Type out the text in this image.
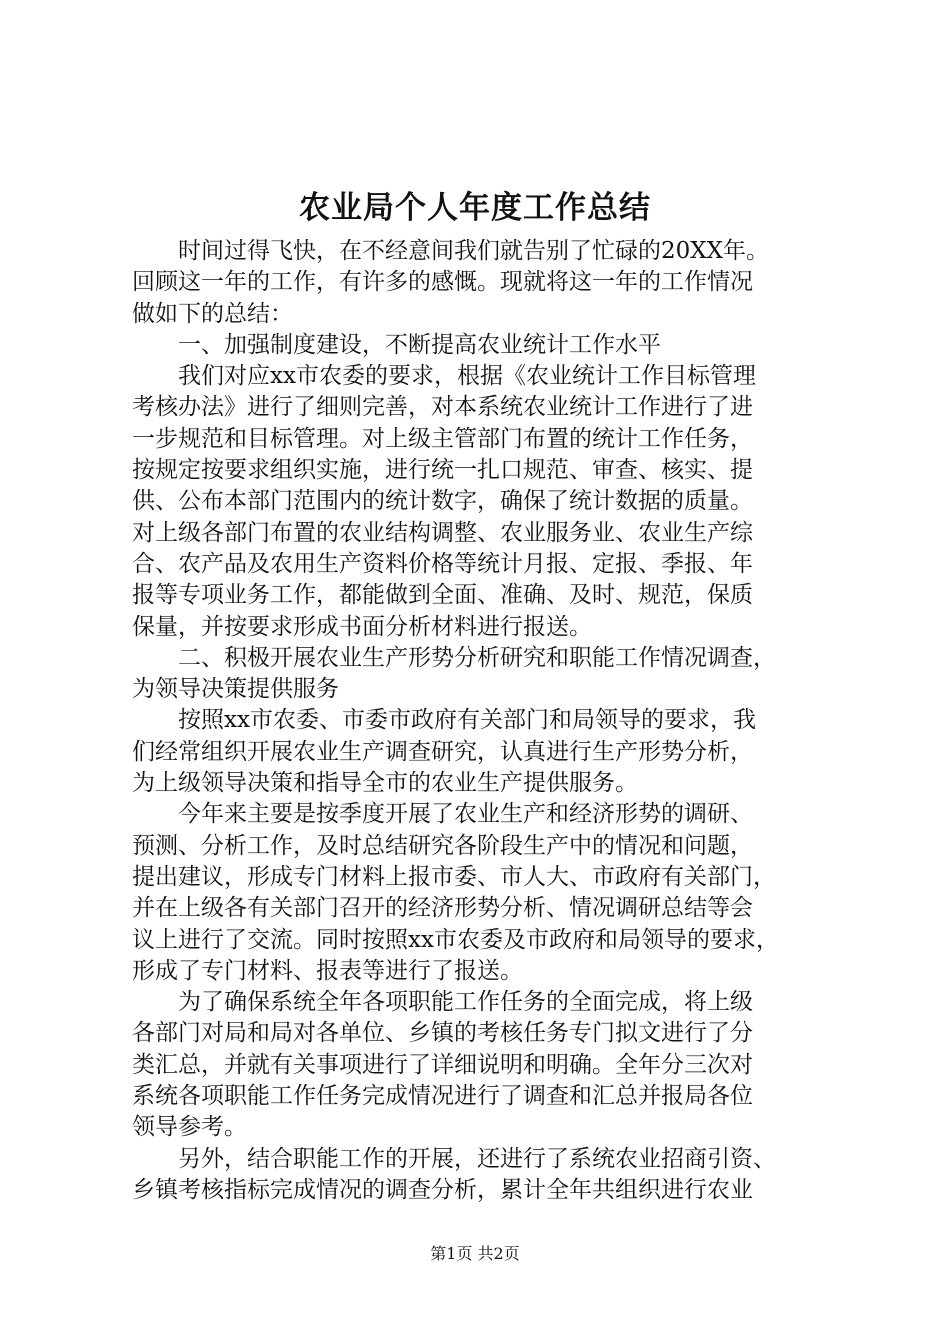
农业局个人年度工作总结
时间过得飞快，在不经意间我们就告别了忙碌的20XX年。
回顾这一年的工作，有许多的感慨。现就将这一年的工作情况
做如下的总结：
一、加强制度建设，不断提高农业统计工作水平
我们对应xx市农委的要求，根据《农业统计工作目标管理
考核办法》进行了细则完善，对本系统农业统计工作进行了进
一步规范和目标管理。对上级主管部门布置的统计工作任务，
按规定按要求组织实施，进行统一扎口规范、审查、核实、提
供、公布本部门范围内的统计数字，确保了统计数据的质量。
对上级各部门布置的农业结构调整、农业服务业、农业生产综
合、农产品及农用生产资料价格等统计月报、定报、季报、年
报等专项业务工作，都能做到全面、准确、及时、规范，保质
保量，并按要求形成书面分析材料进行报送。
二、积极开展农业生产形势分析研究和职能工作情况调查，
为领导决策提供服务
按照xx市农委、市委市政府有关部门和局领导的要求，我
们经常组织开展农业生产调查研究，认真进行生产形势分析，
为上级领导决策和指导全市的农业生产提供服务。
今年来主要是按季度开展了农业生产和经济形势的调研、
预测、分析工作，及时总结研究各阶段生产中的情况和问题，
提出建议，形成专门材料上报市委、市人大、市政府有关部门，
并在上级各有关部门召开的经济形势分析、情况调研总结等会
议上进行了交流。同时按照xx市农委及市政府和局领导的要求，
形成了专门材料、报表等进行了报送。
为了确保系统全年各项职能工作任务的全面完成，将上级
各部门对局和局对各单位、乡镇的考核任务专门拟文进行了分
类汇总，并就有关事项进行了详细说明和明确。全年分三次对
系统各项职能工作任务完成情况进行了调查和汇总并报局各位
领导参考。
另外，结合职能工作的开展，还进行了系统农业招商引资、
乡镇考核指标完成情况的调查分析，累计全年共组织进行农业
第1页 共2页
